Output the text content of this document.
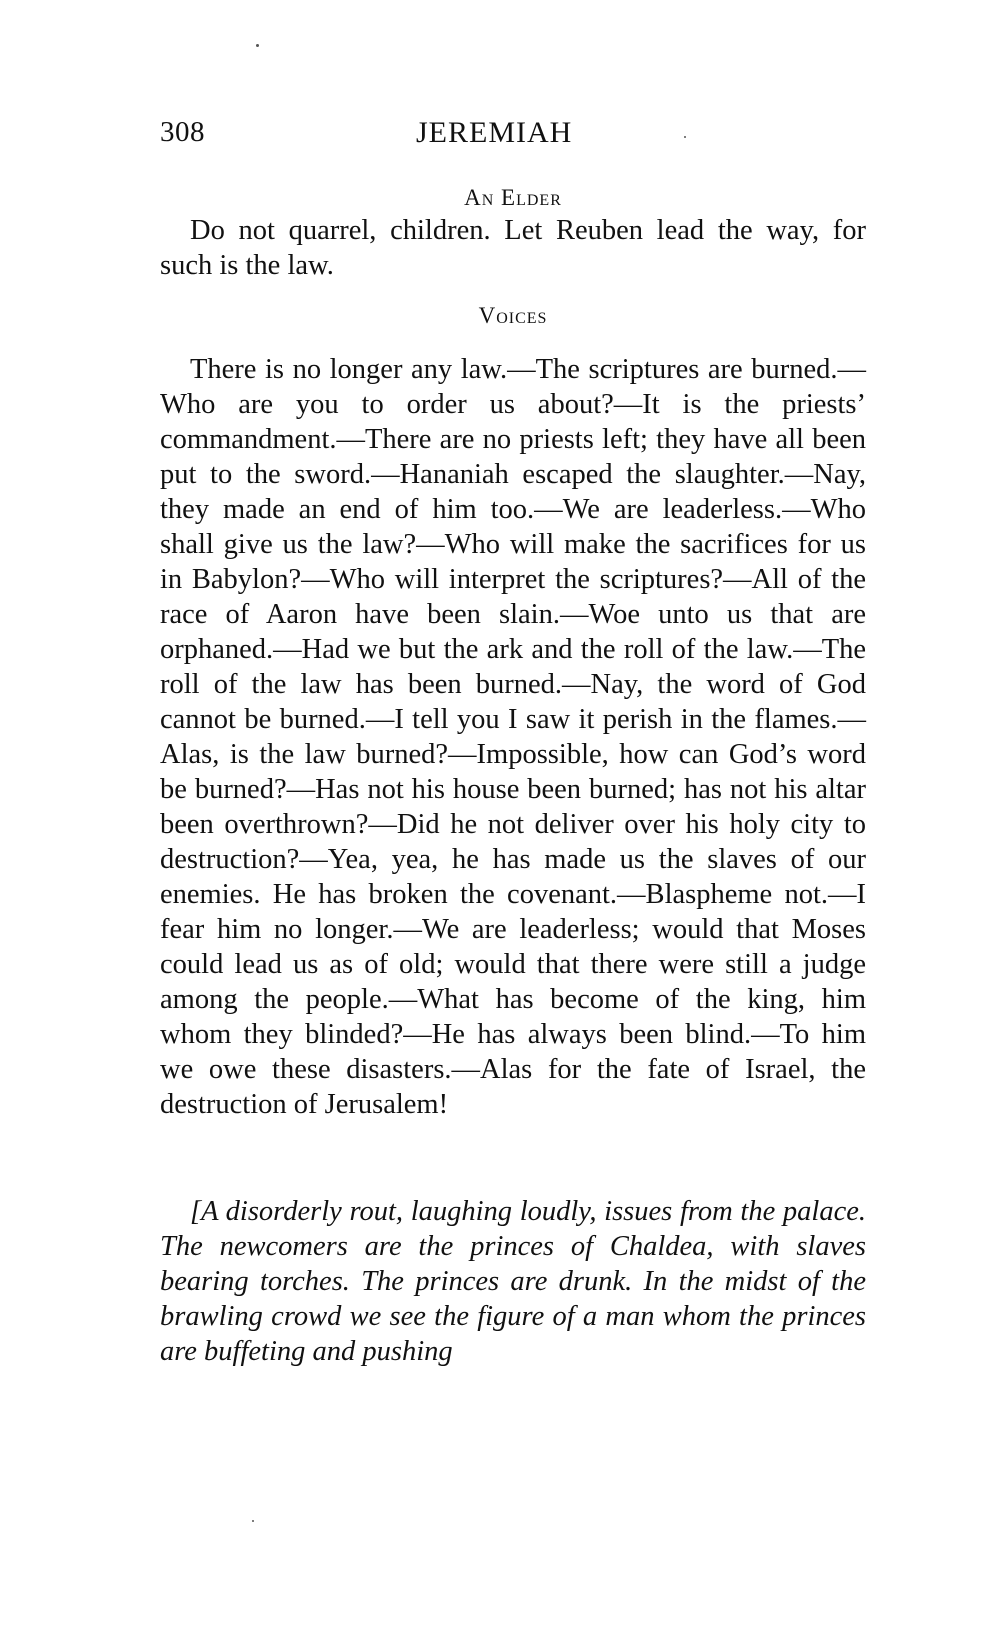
308	JEREMIAH
An Elder
Do not quarrel, children. Let Reuben lead the way, for such is the law.
Voices
There is no longer any law.—The scriptures are burned.—Who are you to order us about?—It is the priests’ commandment.—There are no priests left; they have all been put to the sword.—Hananiah escaped the slaughter.—Nay, they made an end of him too.—We are leaderless.—Who shall give us the law?—Who will make the sacrifices for us in Babylon?—Who will interpret the scriptures?—All of the race of Aaron have been slain.—Woe unto us that are orphaned.—Had we but the ark and the roll of the law.—The roll of the law has been burned.—Nay, the word of God cannot be burned.—I tell you I saw it perish in the flames.—Alas, is the law burned?—Impossible, how can God’s word be burned?—Has not his house been burned; has not his altar been overthrown?—Did he not deliver over his holy city to destruction?—Yea, yea, he has made us the slaves of our enemies. He has broken the covenant.—Blaspheme not.—I fear him no longer.—We are leaderless; would that Moses could lead us as of old; would that there were still a judge among the people.—What has become of the king, him whom they blinded?—He has always been blind.—To him we owe these disasters.—Alas for the fate of Israel, the destruction of Jerusalem!
[A disorderly rout, laughing loudly, issues from the palace. The newcomers are the princes of Chaldea, with slaves bearing torches. The princes are drunk. In the midst of the brawling crowd we see the figure of a man whom the princes are buffeting and pushing
